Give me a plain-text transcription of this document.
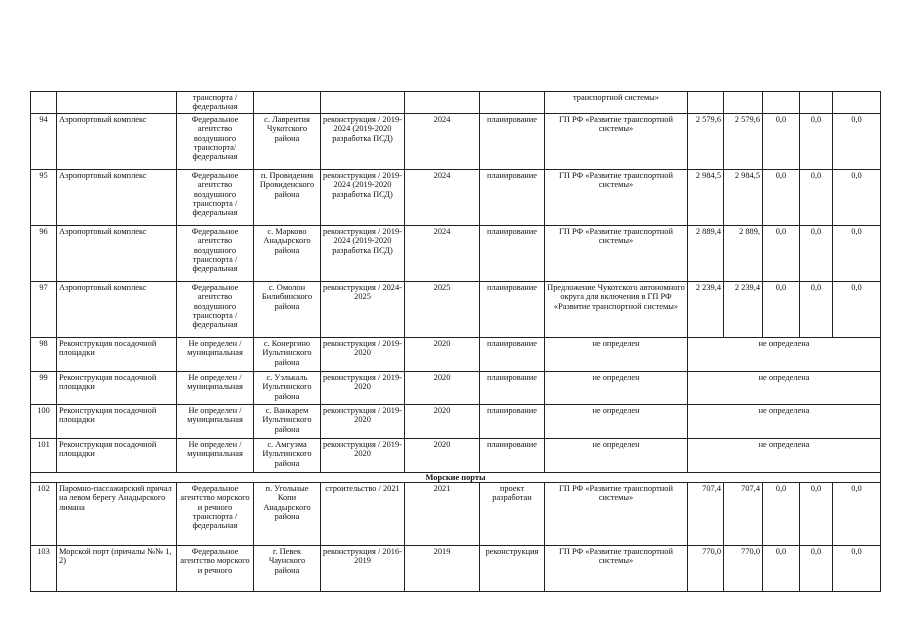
		транспорта / федеральная					транспортной системы»					
94	Аэропортовый комплекс	Федеральное агентство воздушного транспорта/ федеральная	с. Лаврентия Чукотского района	реконструкция / 2019-2024 (2019-2020 разработка ПСД)	2024	планирование	ГП РФ «Развитие транспортной системы»	2 579,6	2 579,6	0,0	0,0	0,0
95	Аэропортовый комплекс	Федеральное агентство воздушного транспорта / федеральная	п. Провидения Провиденского района	реконструкция / 2019-2024 (2019-2020 разработка ПСД)	2024	планирование	ГП РФ «Развитие транспортной системы»	2 984,5	2 984,5	0,0	0,0	0,0
96	Аэропортовый комплекс	Федеральное агентство воздушного транспорта / федеральная	с. Марково Анадырского района	реконструкция / 2019-2024 (2019-2020 разработка ПСД)	2024	планирование	ГП РФ «Развитие транспортной системы»	2 889,4	2 889,	0,0	0,0	0,0
97	Аэропортовый комплекс	Федеральное агентство воздушного транспорта / федеральная	с. Омолон Билибинского района	реконструкция / 2024-2025	2025	планирование	Предложение Чукотского автономного округа для включения в ГП РФ «Развитие транспортной системы»	2 239,4	2 239,4	0,0	0,0	0,0
98	Реконструкция посадочной площадки	Не определен / муниципальная	с. Конергино Иультинского района	реконструкция / 2019-2020	2020	планирование	не определен	не определена				
99	Реконструкция посадочной площадки	Не определен / муниципальная	с. Уэлькаль Иультинского района	реконструкция / 2019-2020	2020	планирование	не определен	не определена				
100	Реконструкция посадочной площадки	Не определен / муниципальная	с. Ванкарем Иультинского района	реконструкция / 2019-2020	2020	планирование	не определен	не определена				
101	Реконструкция посадочной площадки	Не определен / муниципальная	с. Амгуэма Иультинского района	реконструкция / 2019-2020	2020	планирование	не определен	не определена				
Морские порты												
102	Паромно-пассажирский причал на левом берегу Анадырского лимана	Федеральное агентство морского и речного транспорта / федеральная	п. Угольные Копи Анадырского района	строительство / 2021	2021	проект разработан	ГП РФ «Развитие транспортной системы»	707,4	707,4	0,0	0,0	0,0
103	Морской порт (причалы №№ 1, 2)	Федеральное агентство морского и речного	г. Певек Чаунского района	реконструкция / 2016-2019	2019	реконструкция	ГП РФ «Развитие транспортной системы»	770,0	770,0	0,0	0,0	0,0
